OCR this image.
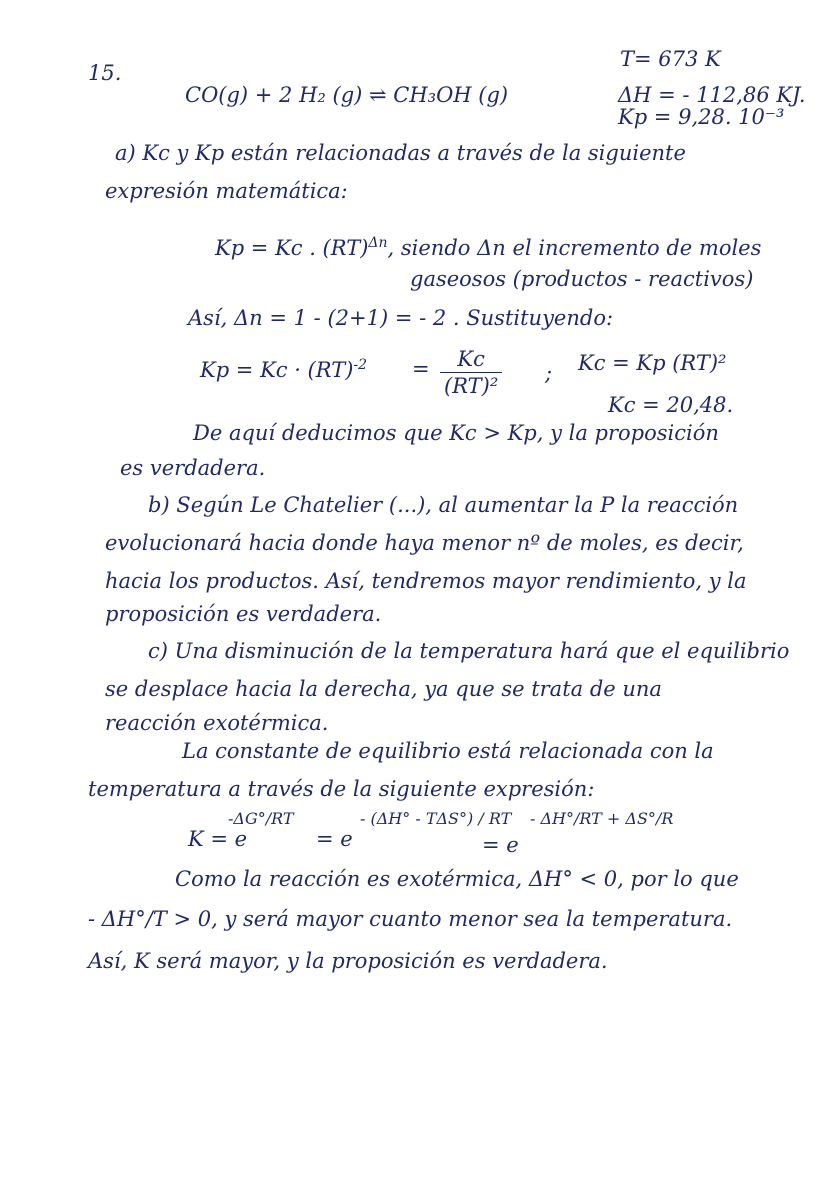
15.
CO(g) + 2 H₂ (g) ⇌ CH₃OH (g)
T= 673 K
ΔH = - 112,86 KJ.
Kp = 9,28. 10⁻³
a) Kc y Kp están relacionadas a través de la siguiente
expresión matemática:
Kp = Kc . (RT)$^{\Delta n}$, siendo Δn el incremento de moles
gaseosos (productos - reactivos)
Así, Δn = 1 - (2+1) = - 2 . Sustituyendo:
$Kp = Kc \cdot (RT)^{-2} = \frac{Kc}{\text{(RT)²}}$ ; Kc = Kp (RT)²
Kc = 20,48.
De aquí deducimos que Kc > Kp, y la proposición
es verdadera.
b) Según Le Chatelier (...), al aumentar la P la reacción
evolucionará hacia donde haya menor nº de moles, es decir,
hacia los productos. Así, tendremos mayor rendimiento, y la
proposición es verdadera.
c) Una disminución de la temperatura hará que el equilibrio
se desplace hacia la derecha, ya que se trata de una
reacción exotérmica.
La constante de equilibrio está relacionada con la
temperatura a través de la siguiente expresión:
K = e
-ΔG°/RT
= e
- (ΔH° - TΔS°) / RT
= e
- ΔH°/RT + ΔS°/R
Como la reacción es exotérmica, ΔH° < 0, por lo que
- ΔH°/T > 0, y será mayor cuanto menor sea la temperatura.
Así, K será mayor, y la proposición es verdadera.
